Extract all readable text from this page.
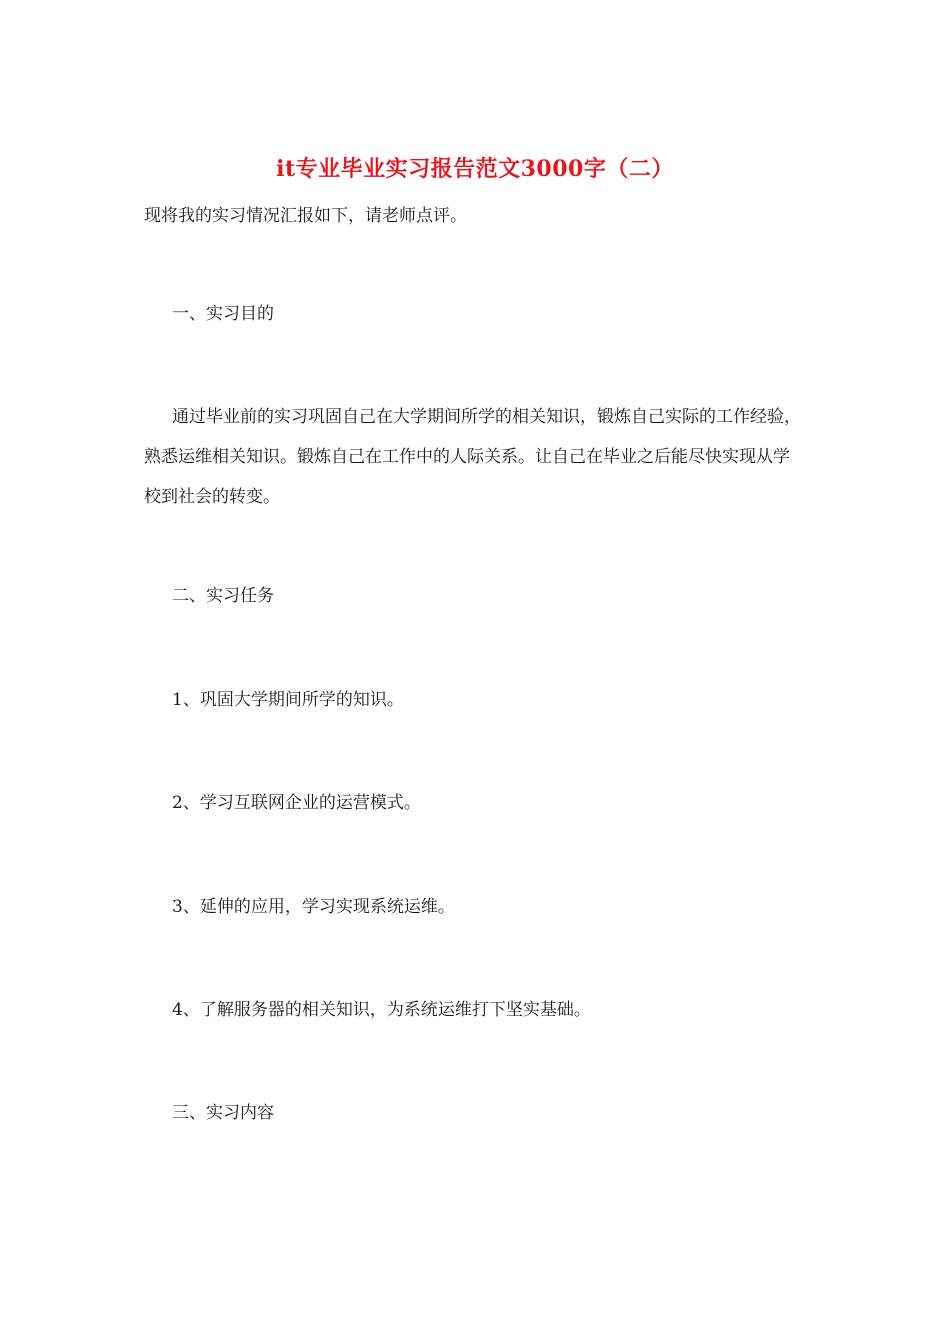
it专业毕业实习报告范文3000字（二）

现将我的实习情况汇报如下，请老师点评。

一、实习目的

通过毕业前的实习巩固自己在大学期间所学的相关知识，锻炼自己实际的工作经验，熟悉运维相关知识。锻炼自己在工作中的人际关系。让自己在毕业之后能尽快实现从学校到社会的转变。

二、实习任务

1、巩固大学期间所学的知识。

2、学习互联网企业的运营模式。

3、延伸的应用，学习实现系统运维。

4、了解服务器的相关知识，为系统运维打下坚实基础。

三、实习内容
